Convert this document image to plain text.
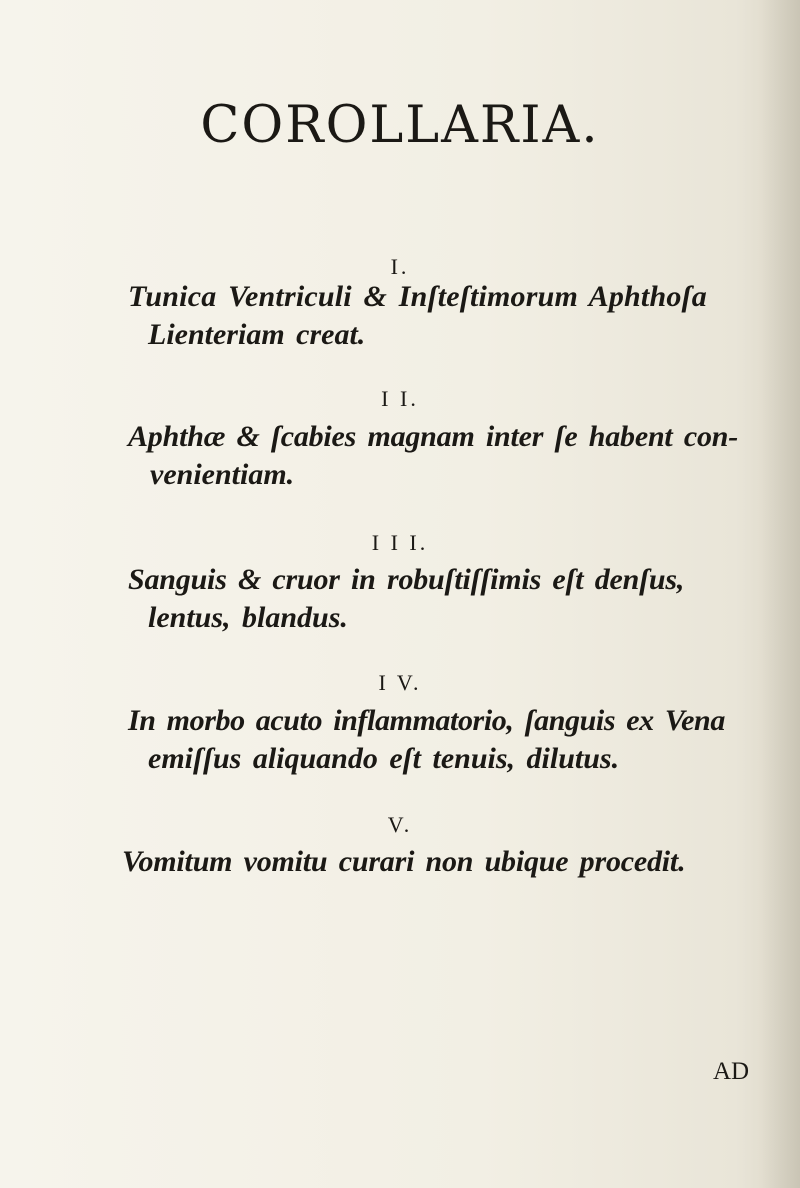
COROLLARIA.
I.
Tunica Ventriculi & Inſteſtimorum Aphthoſa
Lienteriam creat.
I I.
Aphthæ & ſcabies magnam inter ſe habent con-
venientiam.
I I I.
Sanguis & cruor in robuſtiſſimis eſt denſus,
lentus, blandus.
I V.
In morbo acuto inflammatorio, ſanguis ex Vena
emiſſus aliquando eſt tenuis, dilutus.
V.
Vomitum vomitu curari non ubique procedit.
AD
